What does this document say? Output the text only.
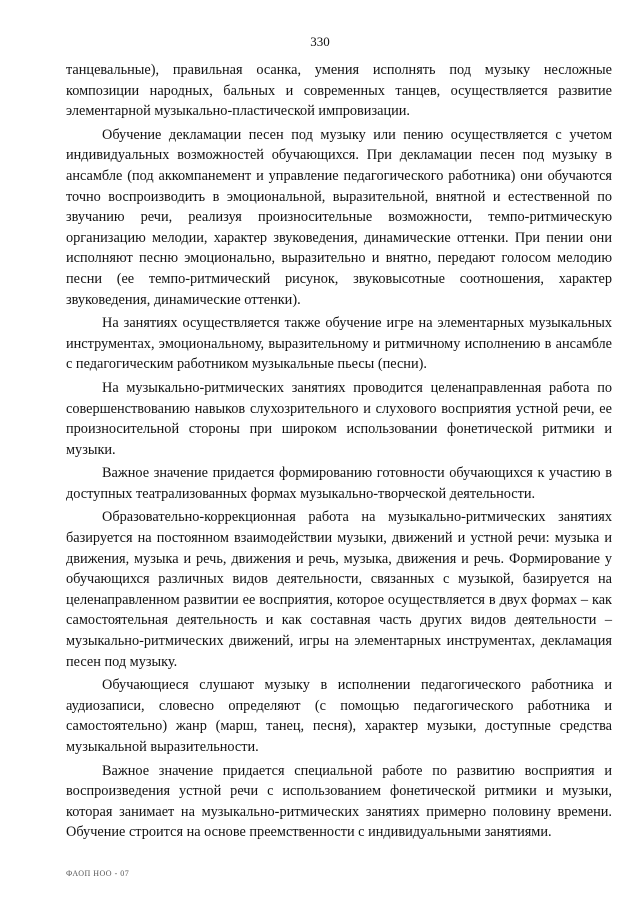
330

танцевальные), правильная осанка, умения исполнять под музыку несложные композиции народных, бальных и современных танцев, осуществляется развитие элементарной музыкально-пластической импровизации.

Обучение декламации песен под музыку или пению осуществляется с учетом индивидуальных возможностей обучающихся. При декламации песен под музыку в ансамбле (под аккомпанемент и управление педагогического работника) они обучаются точно воспроизводить в эмоциональной, выразительной, внятной и естественной по звучанию речи, реализуя произносительные возможности, темпо-ритмическую организацию мелодии, характер звуковедения, динамические оттенки. При пении они исполняют песню эмоционально, выразительно и внятно, передают голосом мелодию песни (ее темпо-ритмический рисунок, звуковысотные соотношения, характер звуковедения, динамические оттенки).

На занятиях осуществляется также обучение игре на элементарных музыкальных инструментах, эмоциональному, выразительному и ритмичному исполнению в ансамбле с педагогическим работником музыкальные пьесы (песни).

На музыкально-ритмических занятиях проводится целенаправленная работа по совершенствованию навыков слухозрительного и слухового восприятия устной речи, ее произносительной стороны при широком использовании фонетической ритмики и музыки.

Важное значение придается формированию готовности обучающихся к участию в доступных театрализованных формах музыкально-творческой деятельности.

Образовательно-коррекционная работа на музыкально-ритмических занятиях базируется на постоянном взаимодействии музыки, движений и устной речи: музыка и движения, музыка и речь, движения и речь, музыка, движения и речь. Формирование у обучающихся различных видов деятельности, связанных с музыкой, базируется на целенаправленном развитии ее восприятия, которое осуществляется в двух формах – как самостоятельная деятельность и как составная часть других видов деятельности – музыкально-ритмических движений, игры на элементарных инструментах, декламация песен под музыку.

Обучающиеся слушают музыку в исполнении педагогического работника и аудиозаписи, словесно определяют (с помощью педагогического работника и самостоятельно) жанр (марш, танец, песня), характер музыки, доступные средства музыкальной выразительности.

Важное значение придается специальной работе по развитию восприятия и воспроизведения устной речи с использованием фонетической ритмики и музыки, которая занимает на музыкально-ритмических занятиях примерно половину времени. Обучение строится на основе преемственности с индивидуальными занятиями.

ФАОП НОО - 07
